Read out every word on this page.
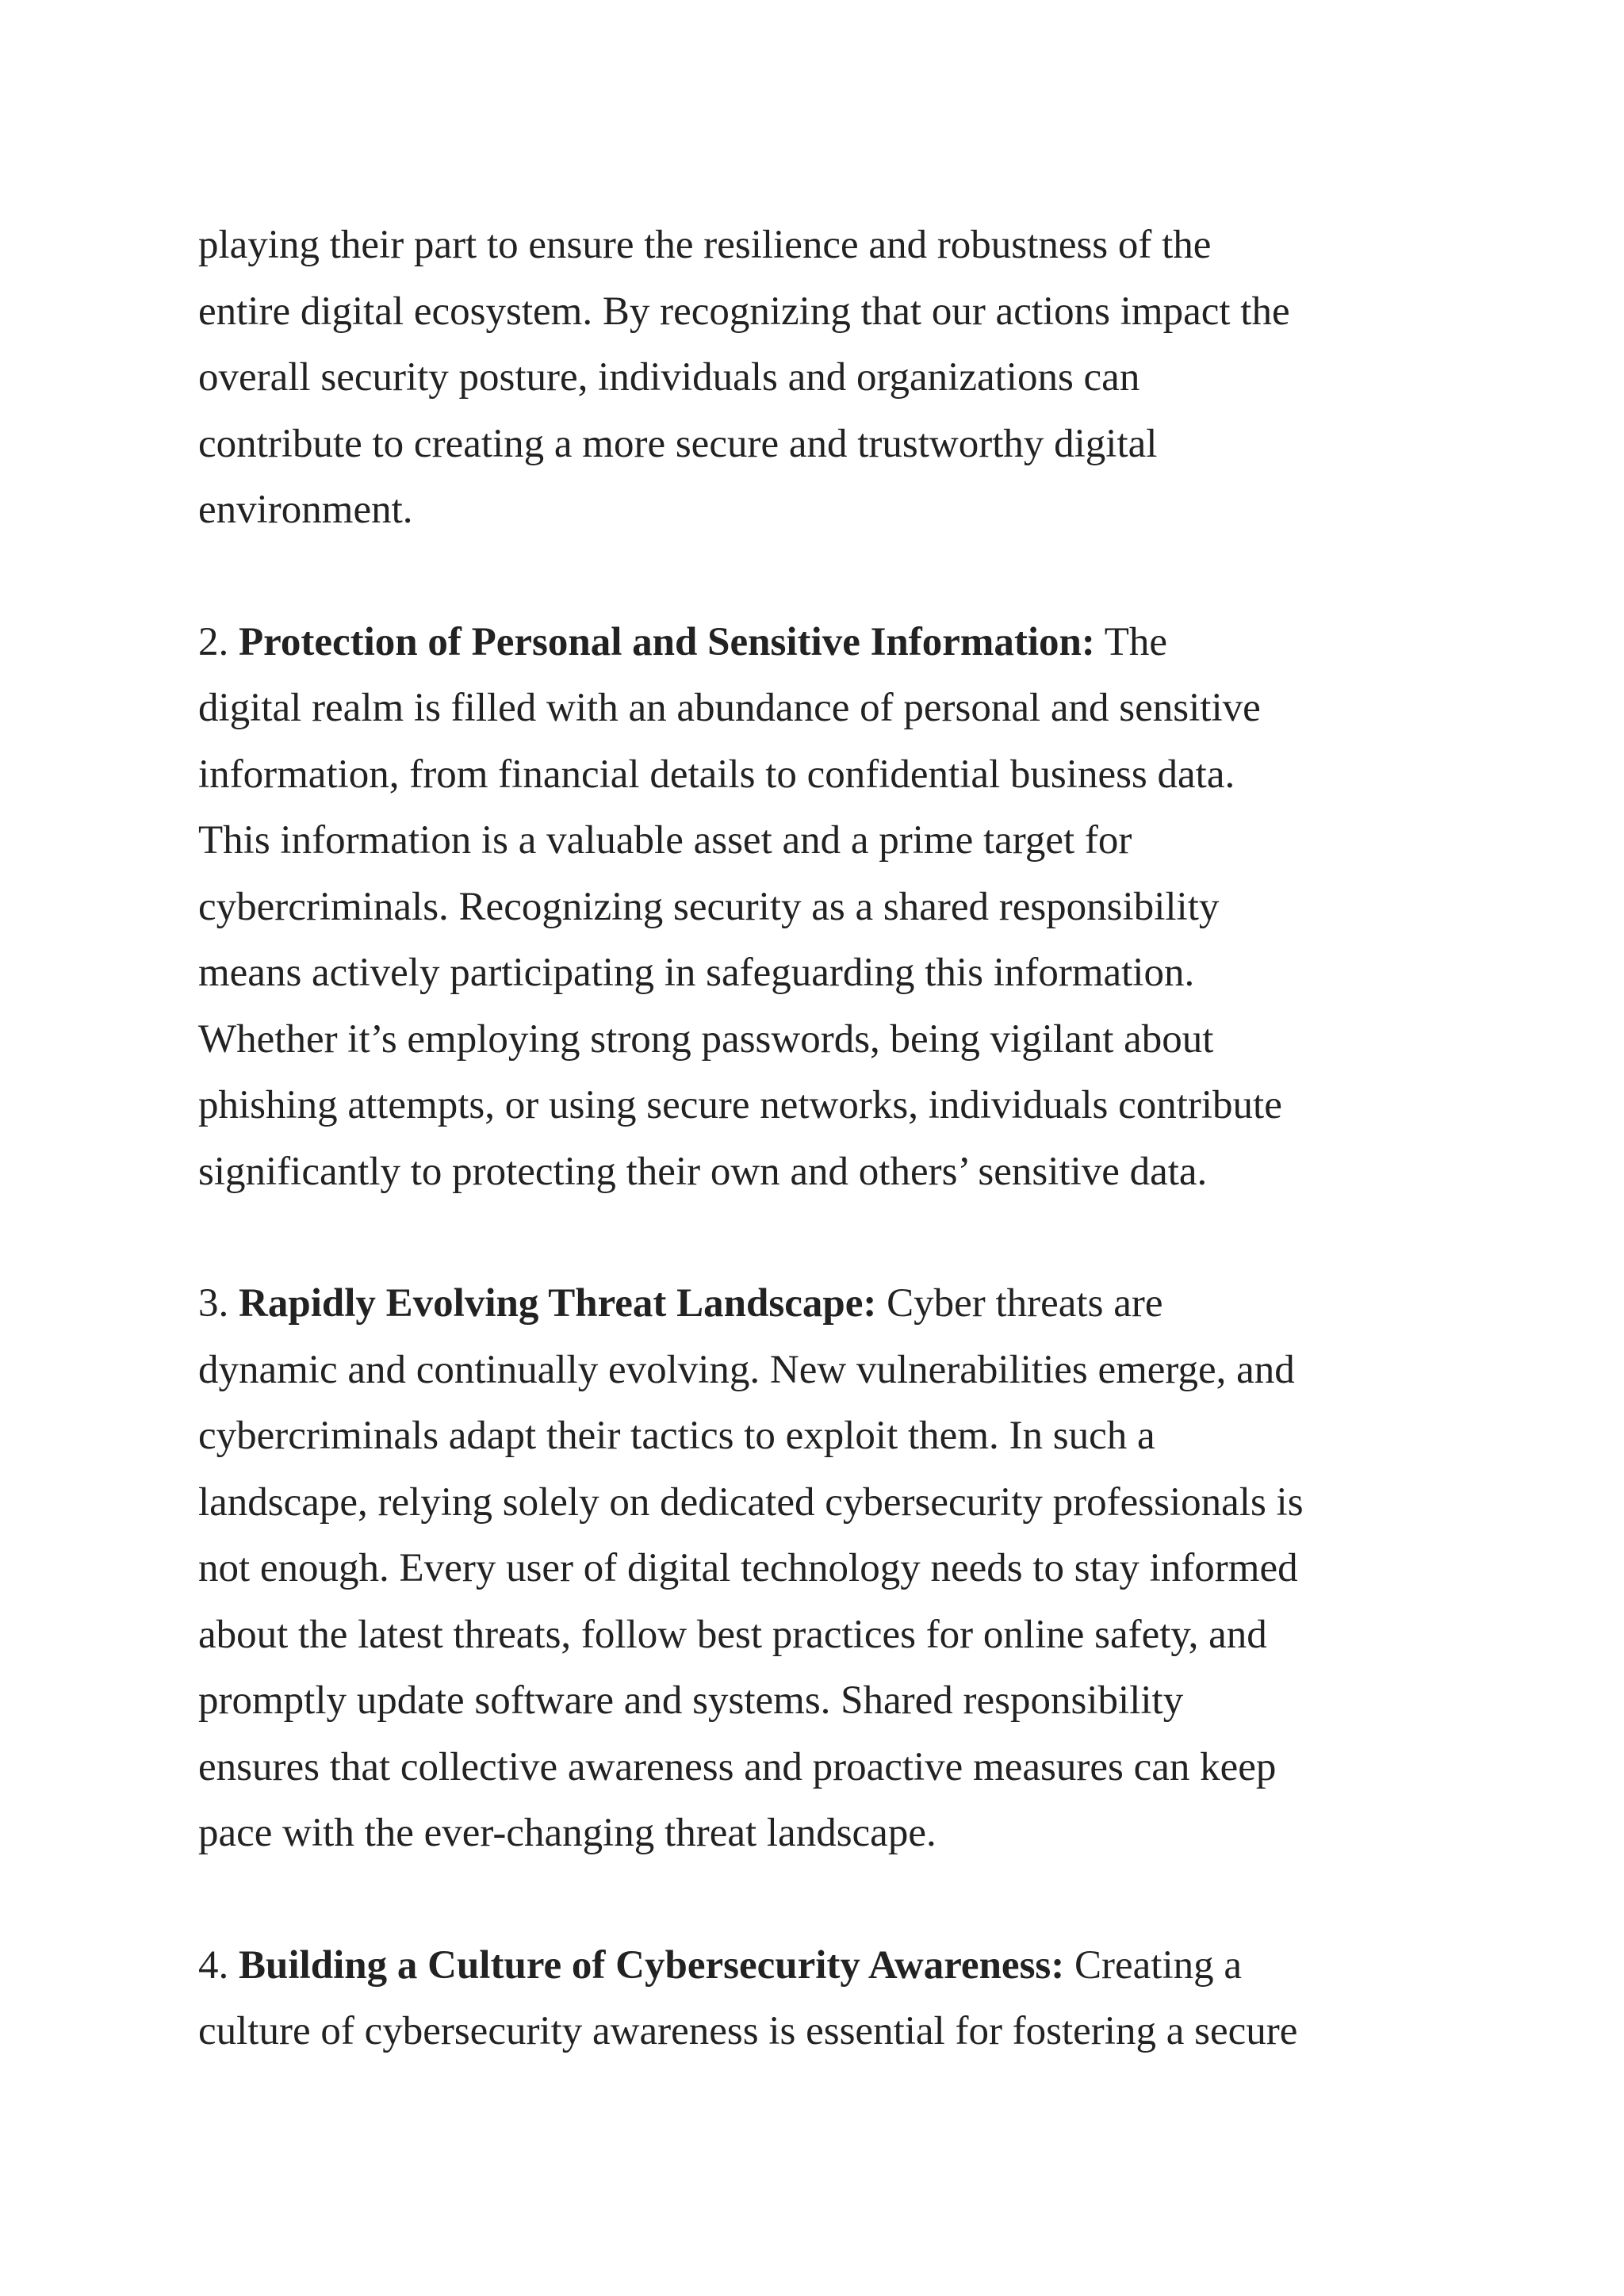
playing their part to ensure the resilience and robustness of the
entire digital ecosystem. By recognizing that our actions impact the
overall security posture, individuals and organizations can
contribute to creating a more secure and trustworthy digital
environment.
2. Protection of Personal and Sensitive Information: The
digital realm is filled with an abundance of personal and sensitive
information, from financial details to confidential business data.
This information is a valuable asset and a prime target for
cybercriminals. Recognizing security as a shared responsibility
means actively participating in safeguarding this information.
Whether it’s employing strong passwords, being vigilant about
phishing attempts, or using secure networks, individuals contribute
significantly to protecting their own and others’ sensitive data.
3. Rapidly Evolving Threat Landscape: Cyber threats are
dynamic and continually evolving. New vulnerabilities emerge, and
cybercriminals adapt their tactics to exploit them. In such a
landscape, relying solely on dedicated cybersecurity professionals is
not enough. Every user of digital technology needs to stay informed
about the latest threats, follow best practices for online safety, and
promptly update software and systems. Shared responsibility
ensures that collective awareness and proactive measures can keep
pace with the ever-changing threat landscape.
4. Building a Culture of Cybersecurity Awareness: Creating a
culture of cybersecurity awareness is essential for fostering a secure
